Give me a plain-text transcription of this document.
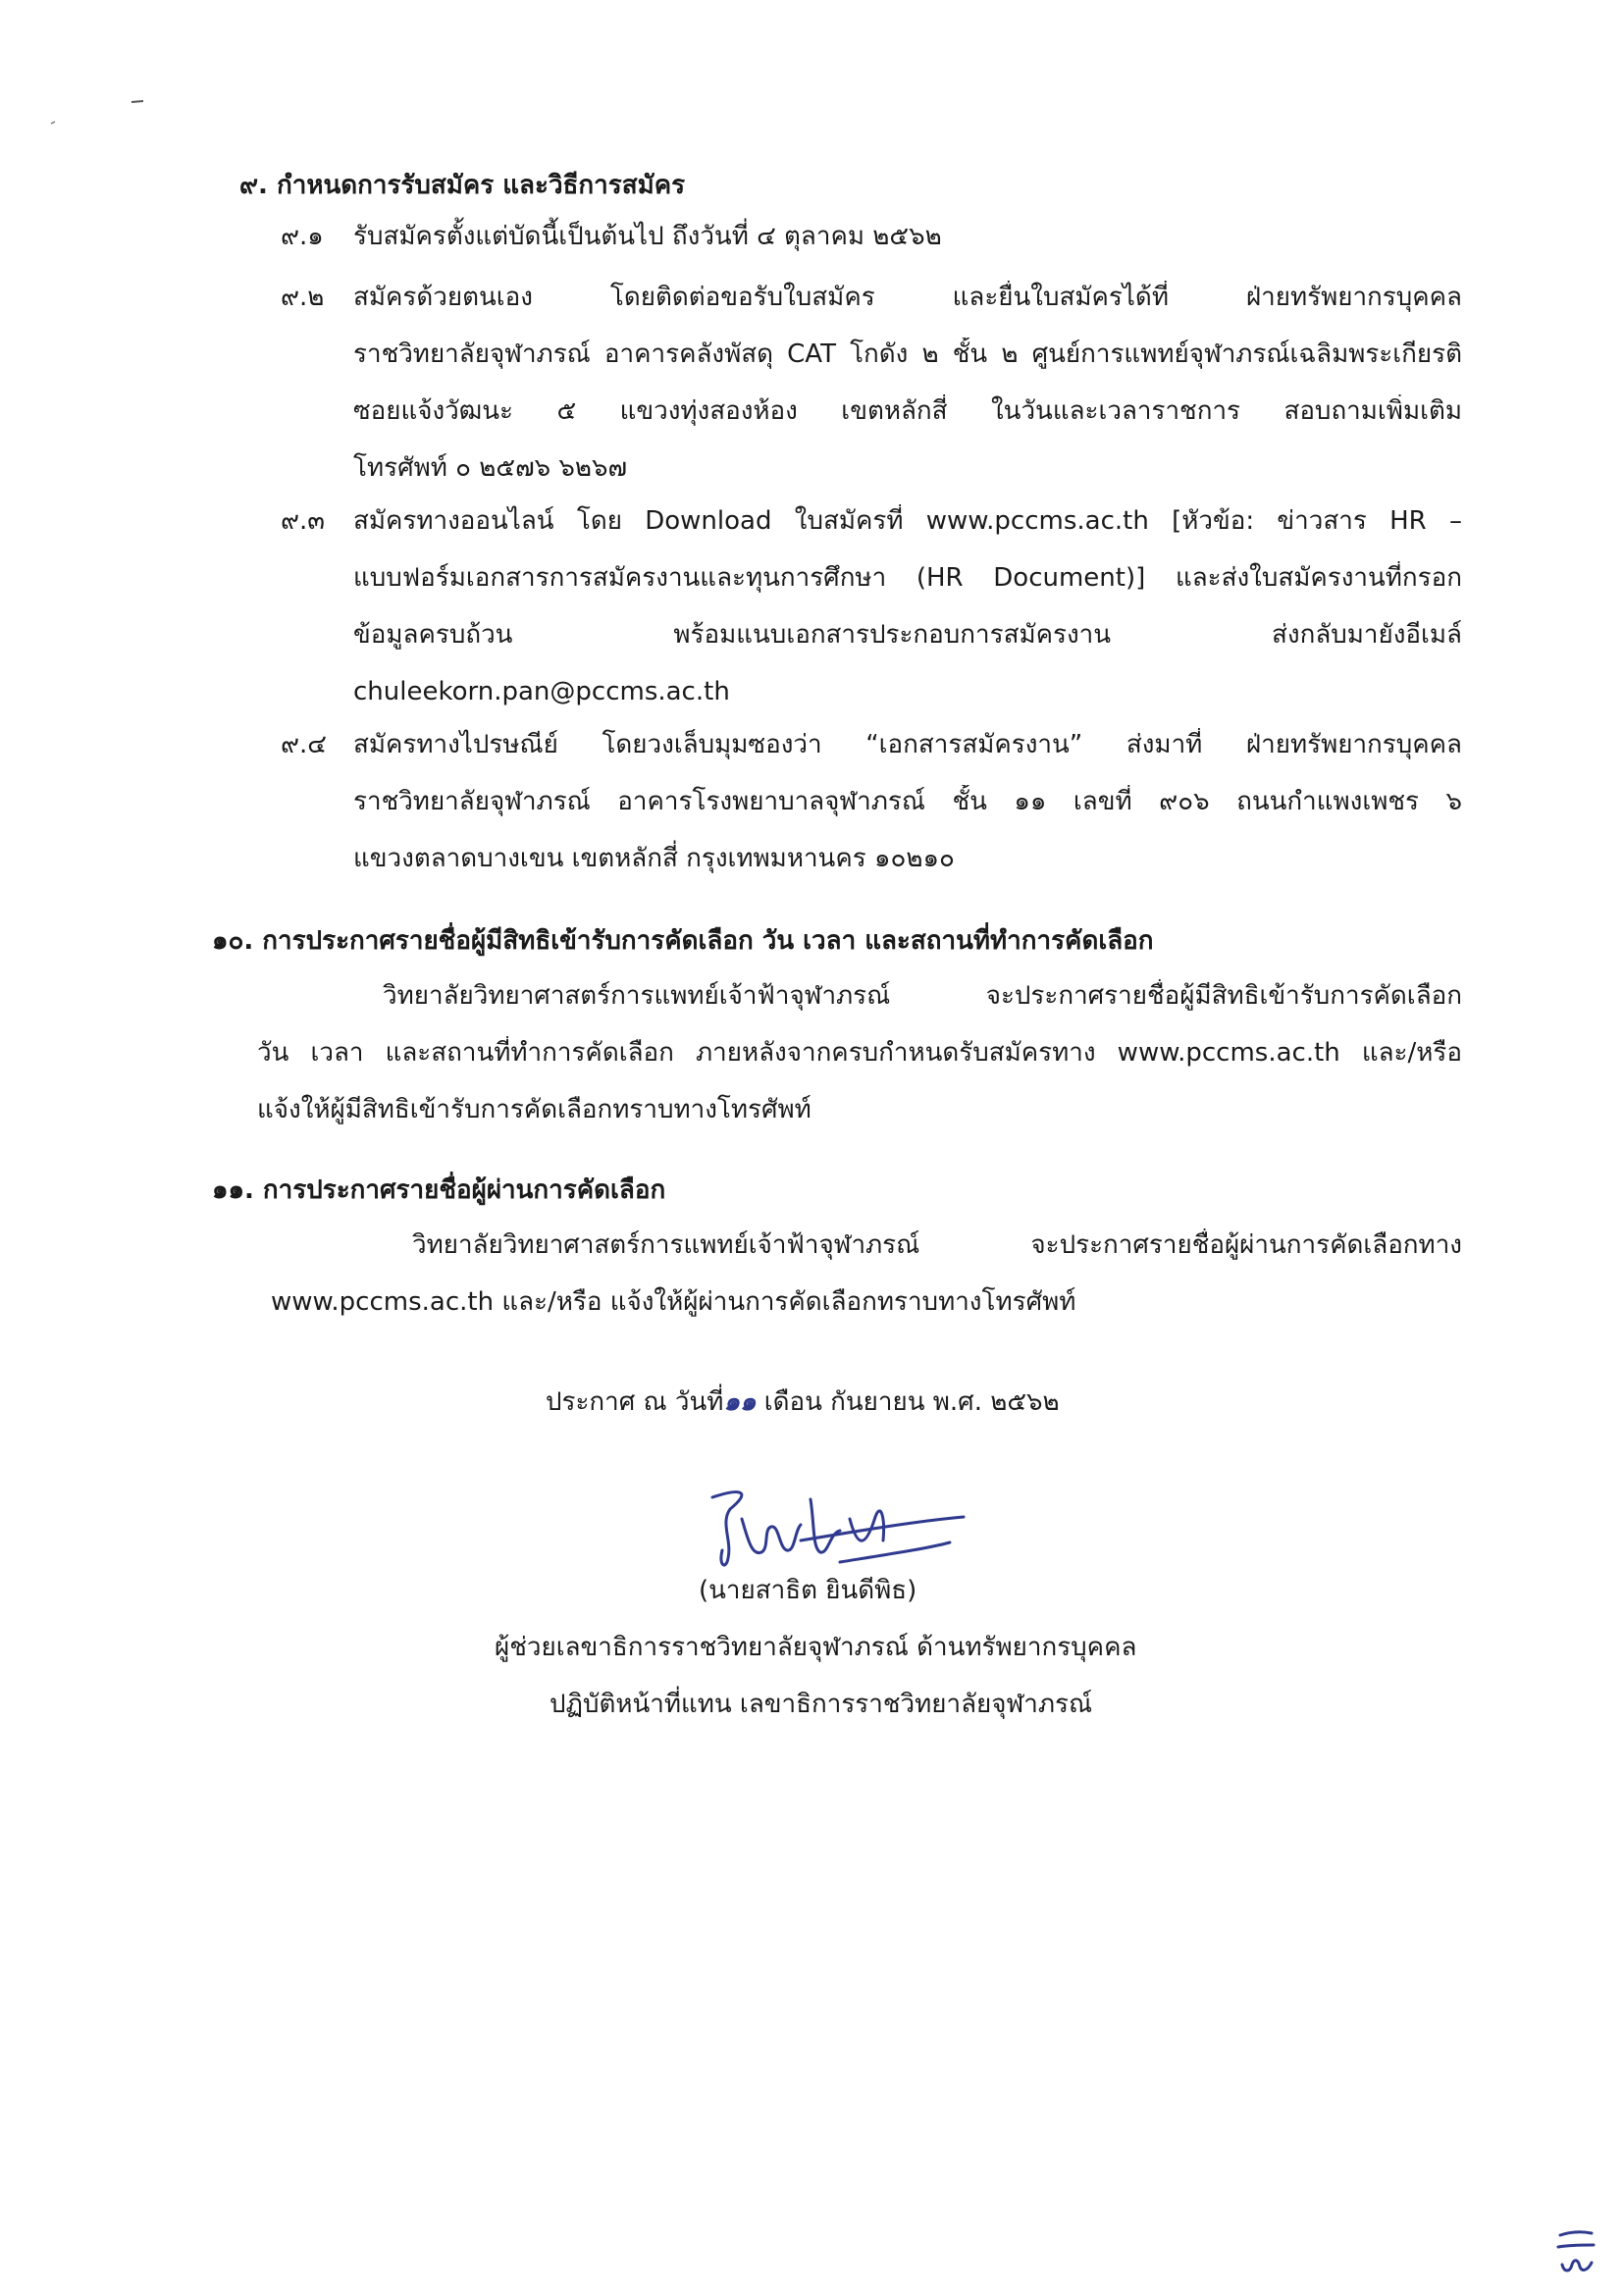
๙. กำหนดการรับสมัคร และวิธีการสมัคร
๙.๑ รับสมัครตั้งแต่บัดนี้เป็นต้นไป ถึงวันที่ ๔ ตุลาคม ๒๕๖๒
๙.๒ สมัครด้วยตนเอง โดยติดต่อขอรับใบสมัคร และยื่นใบสมัครได้ที่ ฝ่ายทรัพยากรบุคคล
ราชวิทยาลัยจุฬาภรณ์ อาคารคลังพัสดุ CAT โกดัง ๒ ชั้น ๒ ศูนย์การแพทย์จุฬาภรณ์เฉลิมพระเกียรติ
ซอยแจ้งวัฒนะ ๕ แขวงทุ่งสองห้อง เขตหลักสี่ ในวันและเวลาราชการ สอบถามเพิ่มเติม
โทรศัพท์ ๐ ๒๕๗๖ ๖๒๖๗
๙.๓ สมัครทางออนไลน์ โดย Download ใบสมัครที่ www.pccms.ac.th [หัวข้อ: ข่าวสาร HR –
แบบฟอร์มเอกสารการสมัครงานและทุนการศึกษา (HR Document)] และส่งใบสมัครงานที่กรอก
ข้อมูลครบถ้วน พร้อมแนบเอกสารประกอบการสมัครงาน ส่งกลับมายังอีเมล์
chuleekorn.pan@pccms.ac.th
๙.๔ สมัครทางไปรษณีย์ โดยวงเล็บมุมซองว่า “เอกสารสมัครงาน” ส่งมาที่ ฝ่ายทรัพยากรบุคคล
ราชวิทยาลัยจุฬาภรณ์ อาคารโรงพยาบาลจุฬาภรณ์ ชั้น ๑๑ เลขที่ ๙๐๖ ถนนกำแพงเพชร ๖
แขวงตลาดบางเขน เขตหลักสี่ กรุงเทพมหานคร ๑๐๒๑๐
๑๐. การประกาศรายชื่อผู้มีสิทธิเข้ารับการคัดเลือก วัน เวลา และสถานที่ทำการคัดเลือก
วิทยาลัยวิทยาศาสตร์การแพทย์เจ้าฟ้าจุฬาภรณ์ จะประกาศรายชื่อผู้มีสิทธิเข้ารับการคัดเลือก
วัน เวลา และสถานที่ทำการคัดเลือก ภายหลังจากครบกำหนดรับสมัครทาง www.pccms.ac.th และ/หรือ
แจ้งให้ผู้มีสิทธิเข้ารับการคัดเลือกทราบทางโทรศัพท์
๑๑. การประกาศรายชื่อผู้ผ่านการคัดเลือก
วิทยาลัยวิทยาศาสตร์การแพทย์เจ้าฟ้าจุฬาภรณ์ จะประกาศรายชื่อผู้ผ่านการคัดเลือกทาง
www.pccms.ac.th และ/หรือ แจ้งให้ผู้ผ่านการคัดเลือกทราบทางโทรศัพท์
ประกาศ ณ วันที่๑๑ เดือน กันยายน พ.ศ. ๒๕๖๒
(นายสาธิต ยินดีพิธ)
ผู้ช่วยเลขาธิการราชวิทยาลัยจุฬาภรณ์ ด้านทรัพยากรบุคคล
ปฏิบัติหน้าที่แทน เลขาธิการราชวิทยาลัยจุฬาภรณ์
